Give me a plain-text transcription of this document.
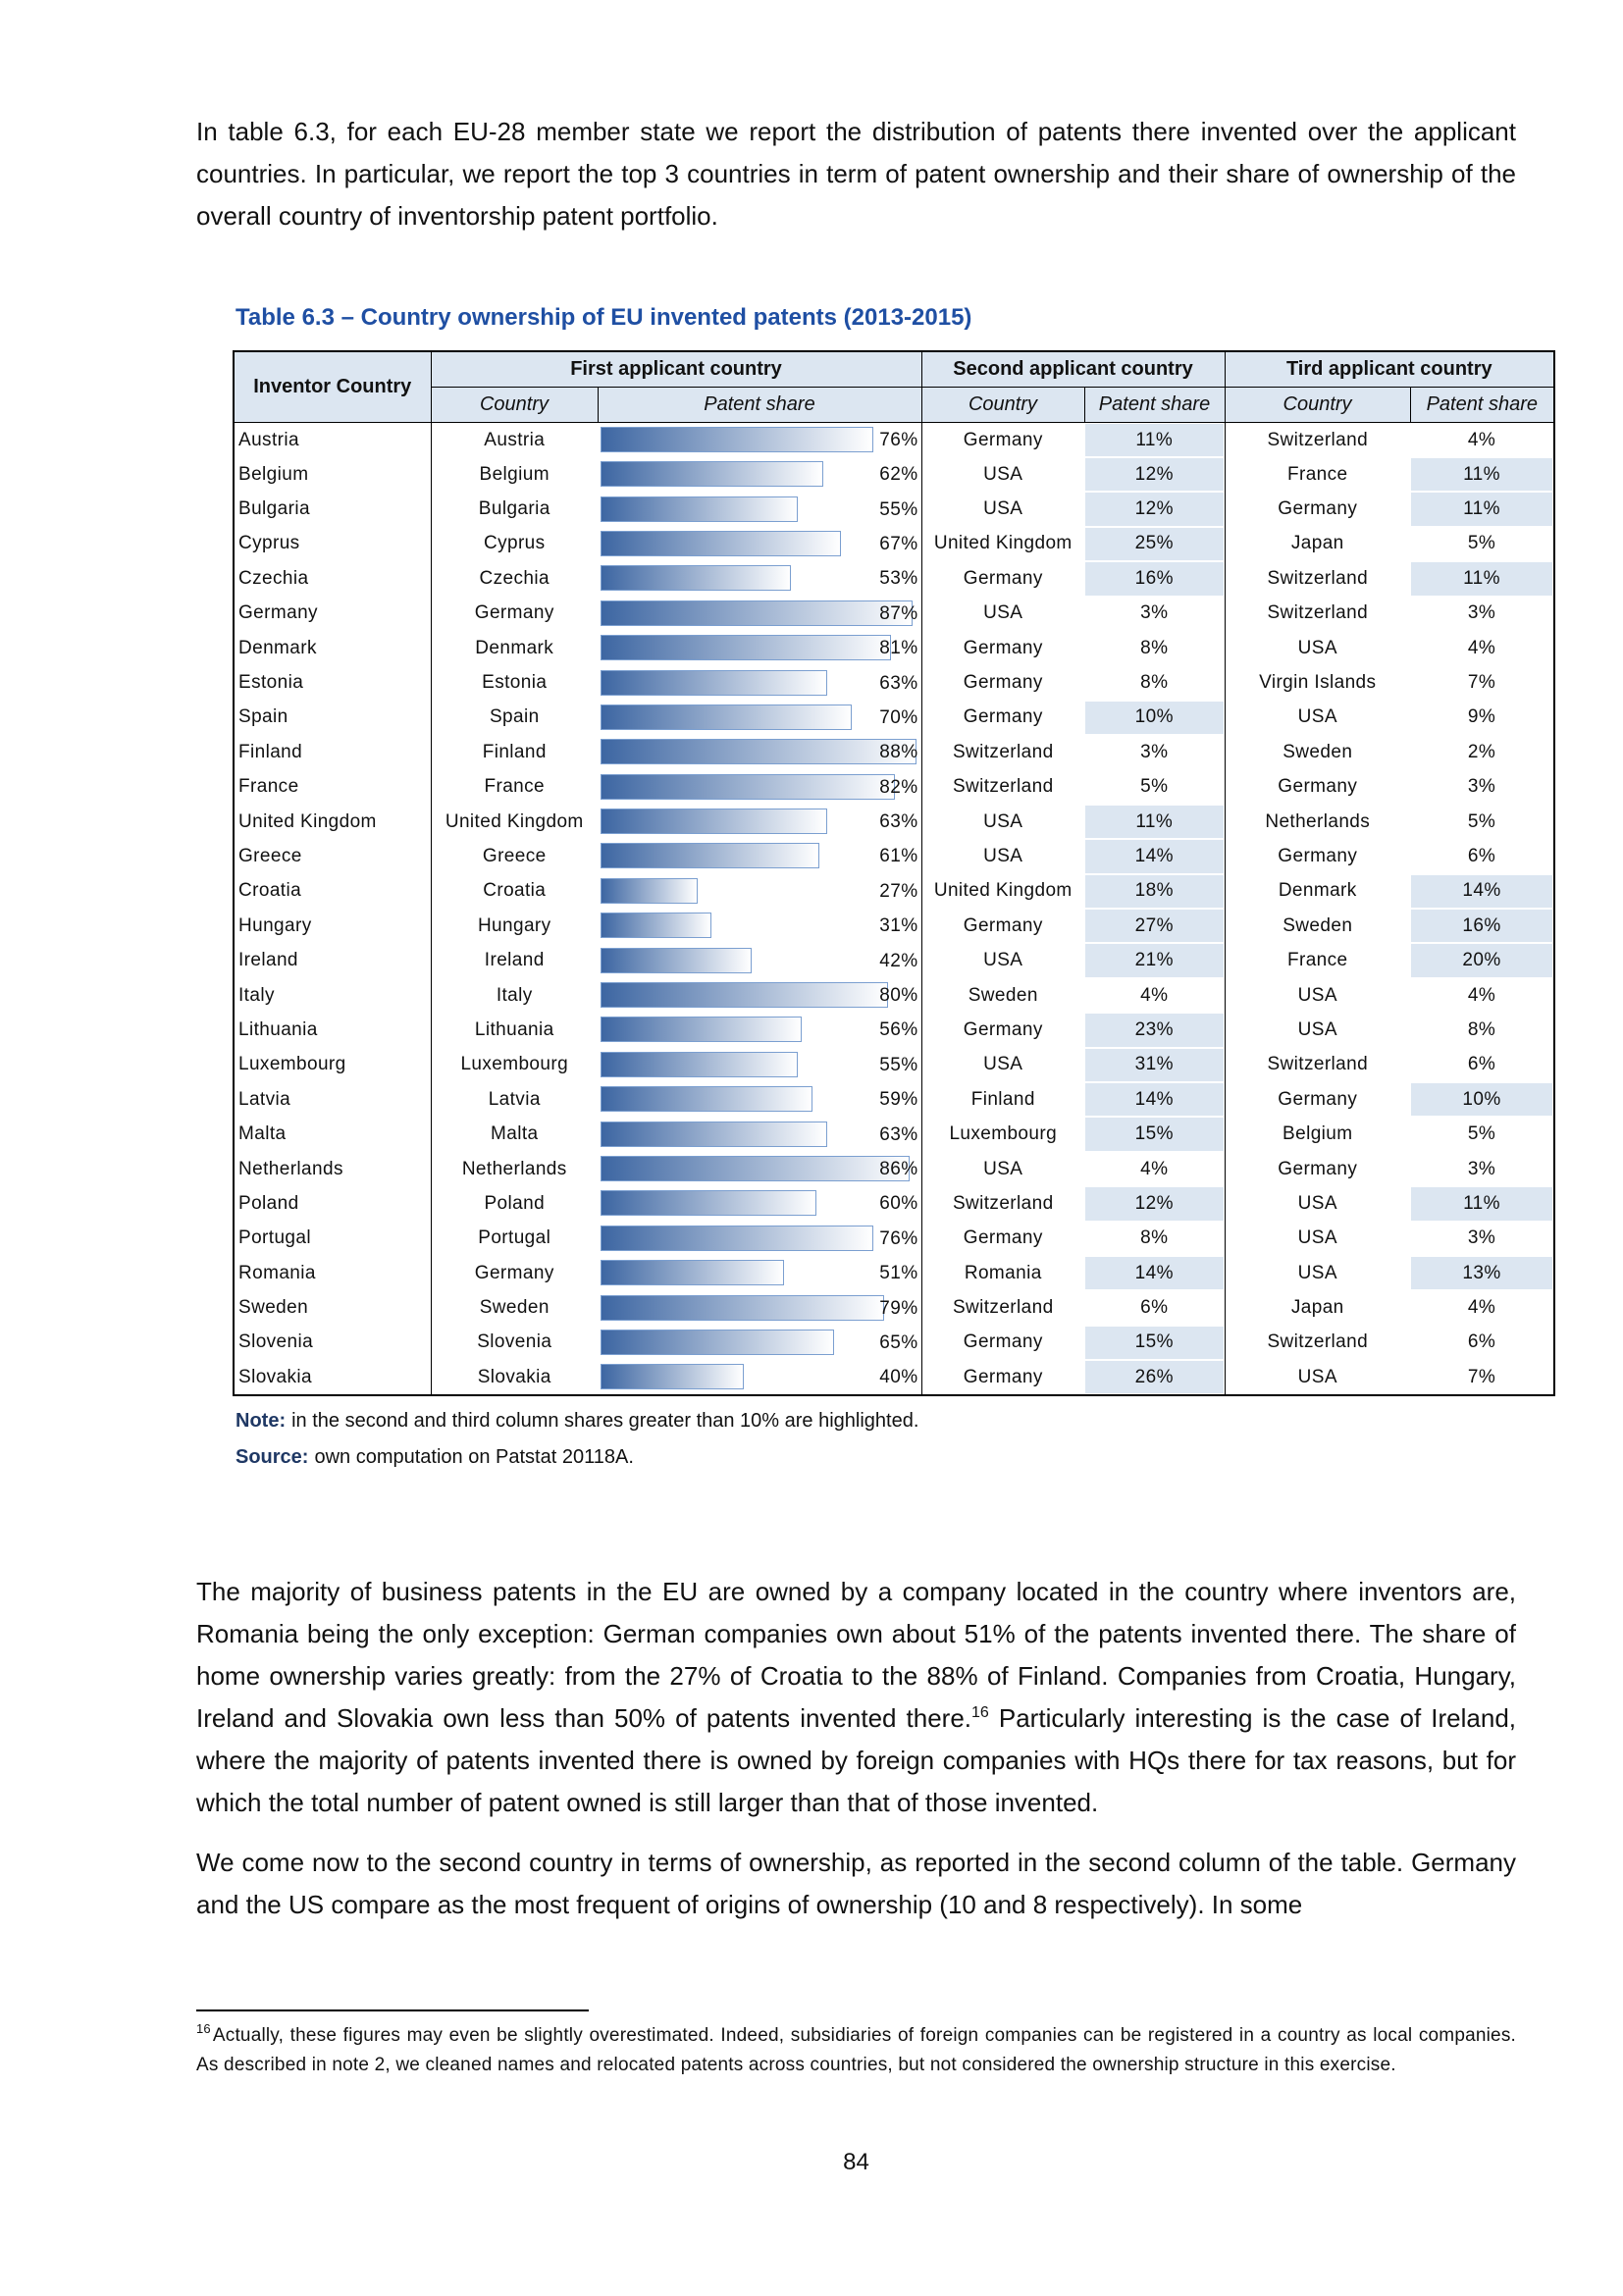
In table 6.3, for each EU-28 member state we report the distribution of patents there invented over the applicant countries. In particular, we report the top 3 countries in term of patent ownership and their share of ownership of the overall country of inventorship patent portfolio.

Table 6.3 – Country ownership of EU invented patents (2013-2015)
Inventor Country	First applicant country		Second applicant country		Tird applicant country	
	Country	Patent share	Country	Patent share	Country	Patent share
Austria	Austria	76%	Germany	11%	Switzerland	4%
Belgium	Belgium	62%	USA	12%	France	11%
Bulgaria	Bulgaria	55%	USA	12%	Germany	11%
Cyprus	Cyprus	67%	United Kingdom	25%	Japan	5%
Czechia	Czechia	53%	Germany	16%	Switzerland	11%
Germany	Germany	87%	USA	3%	Switzerland	3%
Denmark	Denmark	81%	Germany	8%	USA	4%
Estonia	Estonia	63%	Germany	8%	Virgin Islands	7%
Spain	Spain	70%	Germany	10%	USA	9%
Finland	Finland	88%	Switzerland	3%	Sweden	2%
France	France	82%	Switzerland	5%	Germany	3%
United Kingdom	United Kingdom	63%	USA	11%	Netherlands	5%
Greece	Greece	61%	USA	14%	Germany	6%
Croatia	Croatia	27%	United Kingdom	18%	Denmark	14%
Hungary	Hungary	31%	Germany	27%	Sweden	16%
Ireland	Ireland	42%	USA	21%	France	20%
Italy	Italy	80%	Sweden	4%	USA	4%
Lithuania	Lithuania	56%	Germany	23%	USA	8%
Luxembourg	Luxembourg	55%	USA	31%	Switzerland	6%
Latvia	Latvia	59%	Finland	14%	Germany	10%
Malta	Malta	63%	Luxembourg	15%	Belgium	5%
Netherlands	Netherlands	86%	USA	4%	Germany	3%
Poland	Poland	60%	Switzerland	12%	USA	11%
Portugal	Portugal	76%	Germany	8%	USA	3%
Romania	Germany	51%	Romania	14%	USA	13%
Sweden	Sweden	79%	Switzerland	6%	Japan	4%
Slovenia	Slovenia	65%	Germany	15%	Switzerland	6%
Slovakia	Slovakia	40%	Germany	26%	USA	7%
Note: in the second and third column shares greater than 10% are highlighted.
Source: own computation on Patstat 20118A.

The majority of business patents in the EU are owned by a company located in the country where inventors are, Romania being the only exception: German companies own about 51% of the patents invented there. The share of home ownership varies greatly: from the 27% of Croatia to the 88% of Finland. Companies from Croatia, Hungary, Ireland and Slovakia own less than 50% of patents invented there.$^{16}$ Particularly interesting is the case of Ireland, where the majority of patents invented there is owned by foreign companies with HQs there for tax reasons, but for which the total number of patent owned is still larger than that of those invented.

We come now to the second country in terms of ownership, as reported in the second column of the table. Germany and the US compare as the most frequent of origins of ownership (10 and 8 respectively). In some

$^{16}$ Actually, these figures may even be slightly overestimated. Indeed, subsidiaries of foreign companies can be registered in a country as local companies. As described in note 2, we cleaned names and relocated patents across countries, but not considered the ownership structure in this exercise.

84
